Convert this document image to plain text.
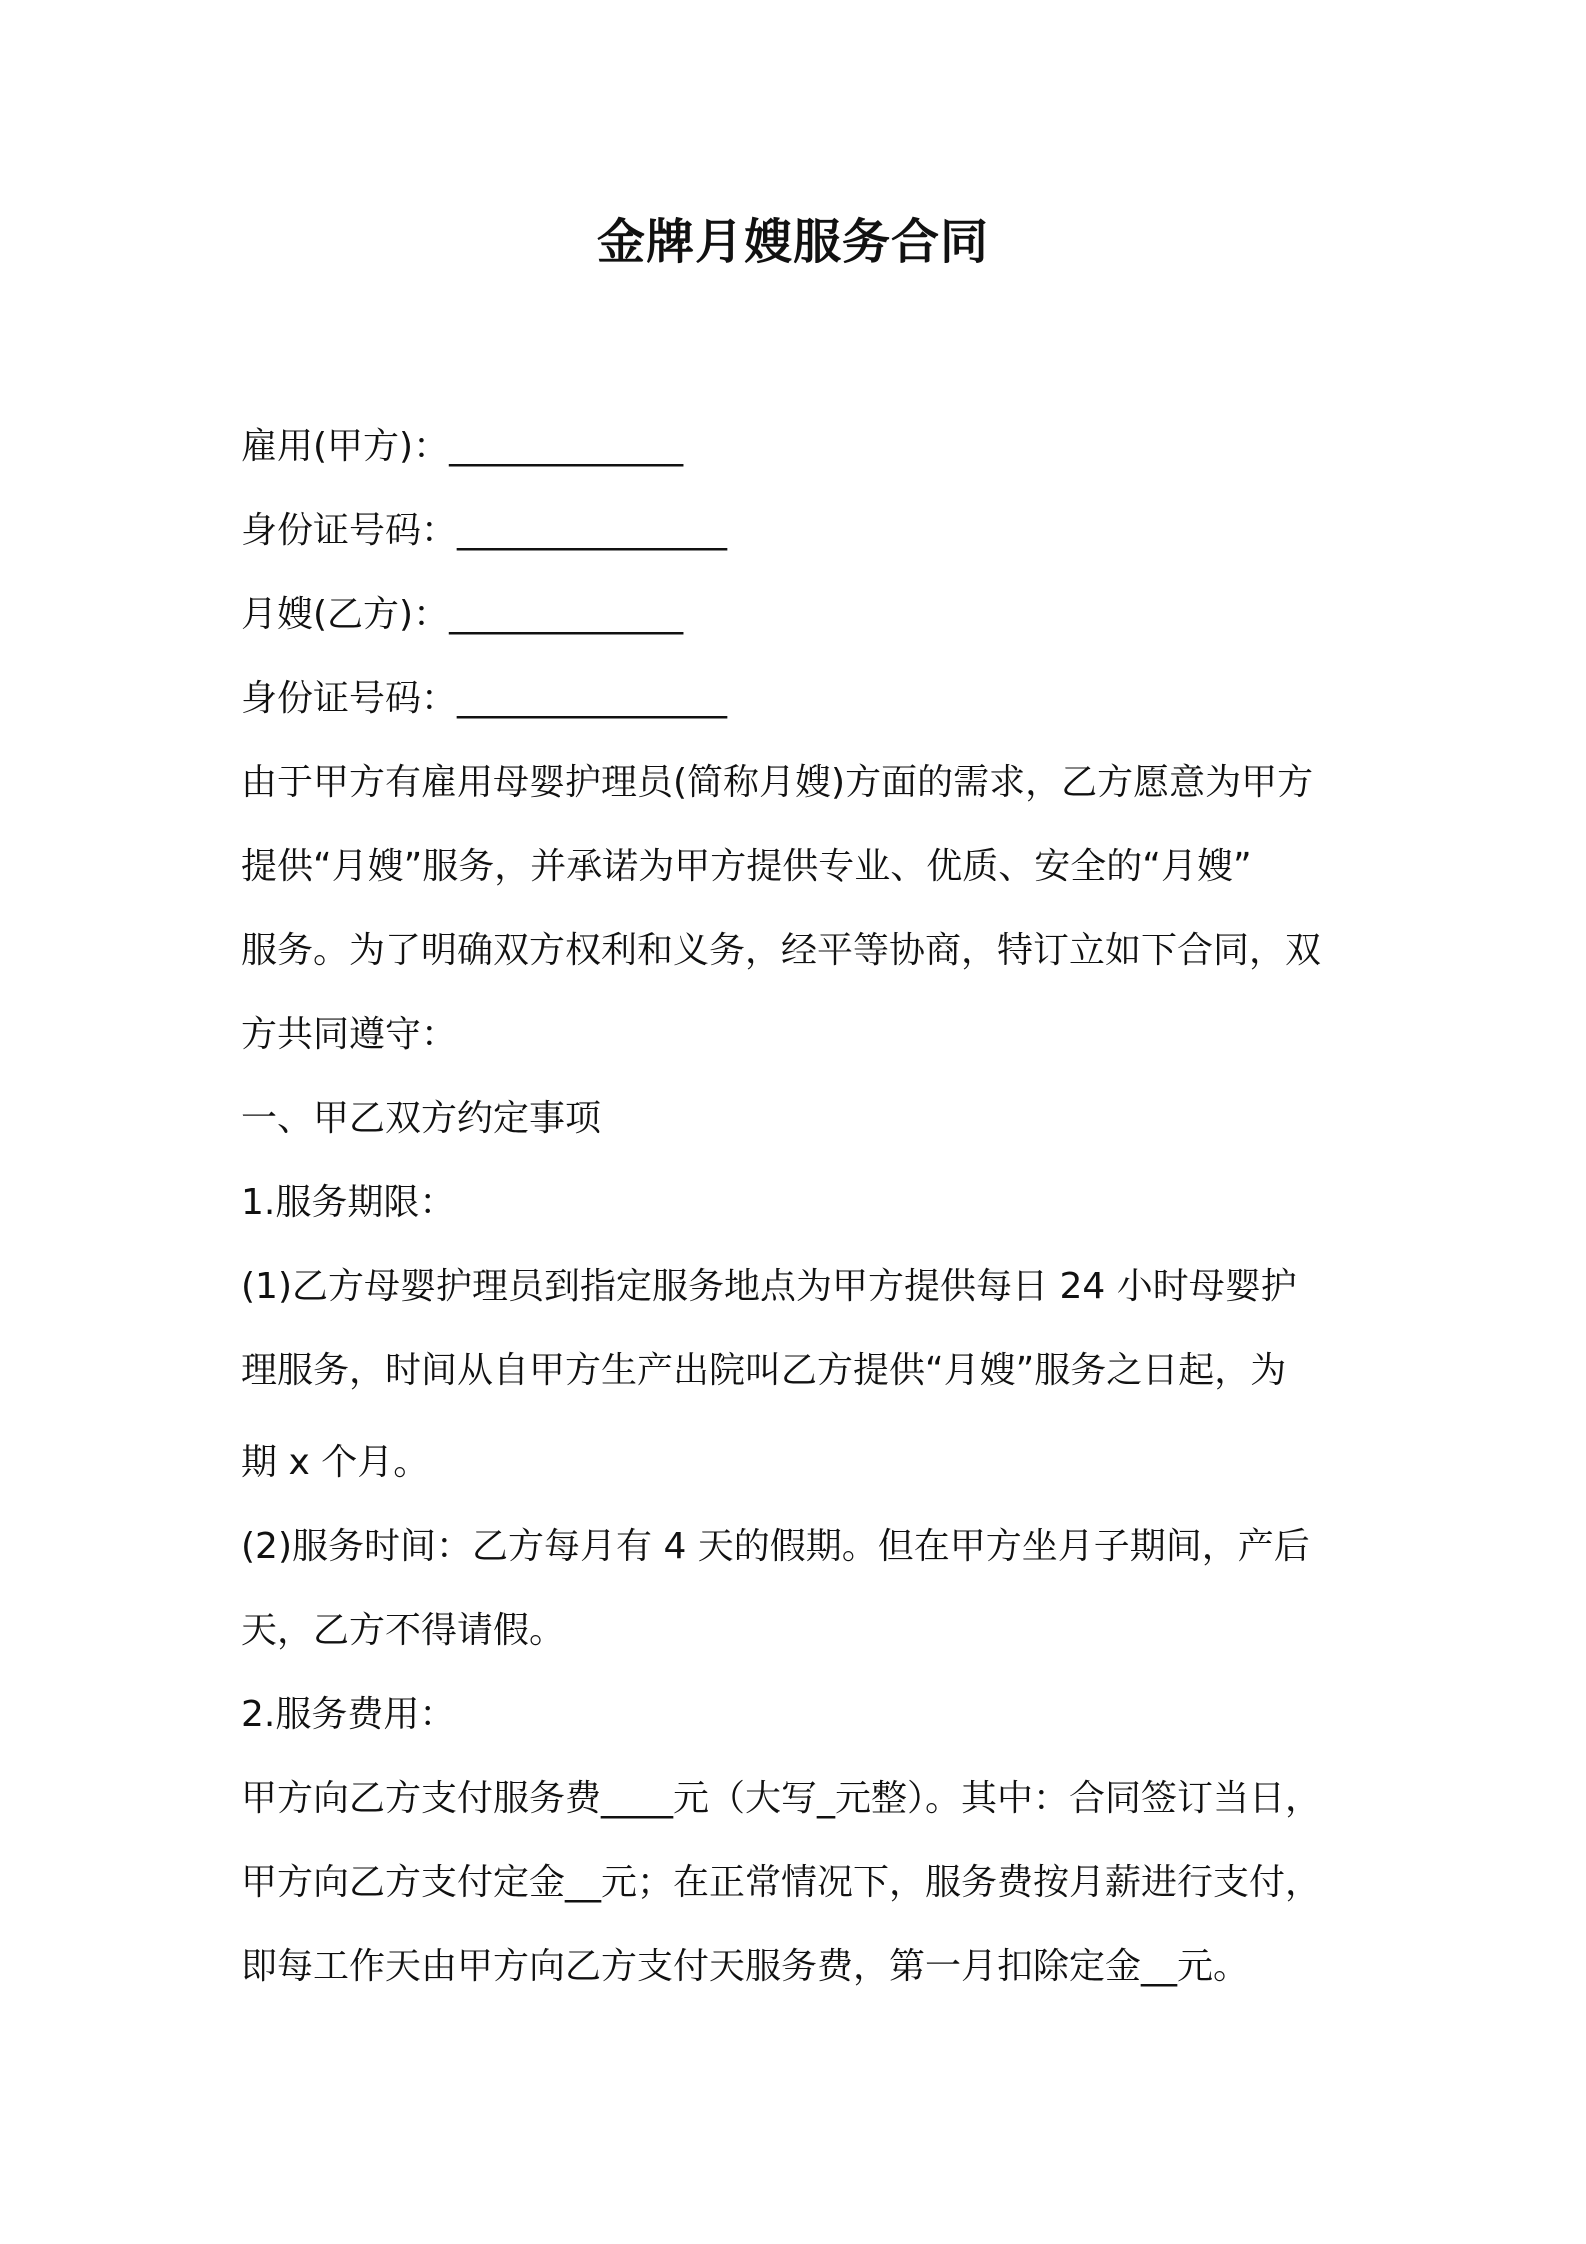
金牌月嫂服务合同
雇用(甲方)：_____________
身份证号码：_______________
月嫂(乙方)：_____________
身份证号码：_______________
由于甲方有雇用母婴护理员(简称月嫂)方面的需求，乙方愿意为甲方
提供“月嫂”服务，并承诺为甲方提供专业、优质、安全的“月嫂”
服务。为了明确双方权利和义务，经平等协商，特订立如下合同，双
方共同遵守：
一、甲乙双方约定事项
1.服务期限：
(1)乙方母婴护理员到指定服务地点为甲方提供每日 24 小时母婴护
理服务，时间从自甲方生产出院叫乙方提供“月嫂”服务之日起，为
期 x 个月。
(2)服务时间：乙方每月有 4 天的假期。但在甲方坐月子期间，产后
天，乙方不得请假。
2.服务费用：
甲方向乙方支付服务费____元（大写_元整）。其中：合同签订当日，
甲方向乙方支付定金__元；在正常情况下，服务费按月薪进行支付，
即每工作天由甲方向乙方支付天服务费，第一月扣除定金__元。
